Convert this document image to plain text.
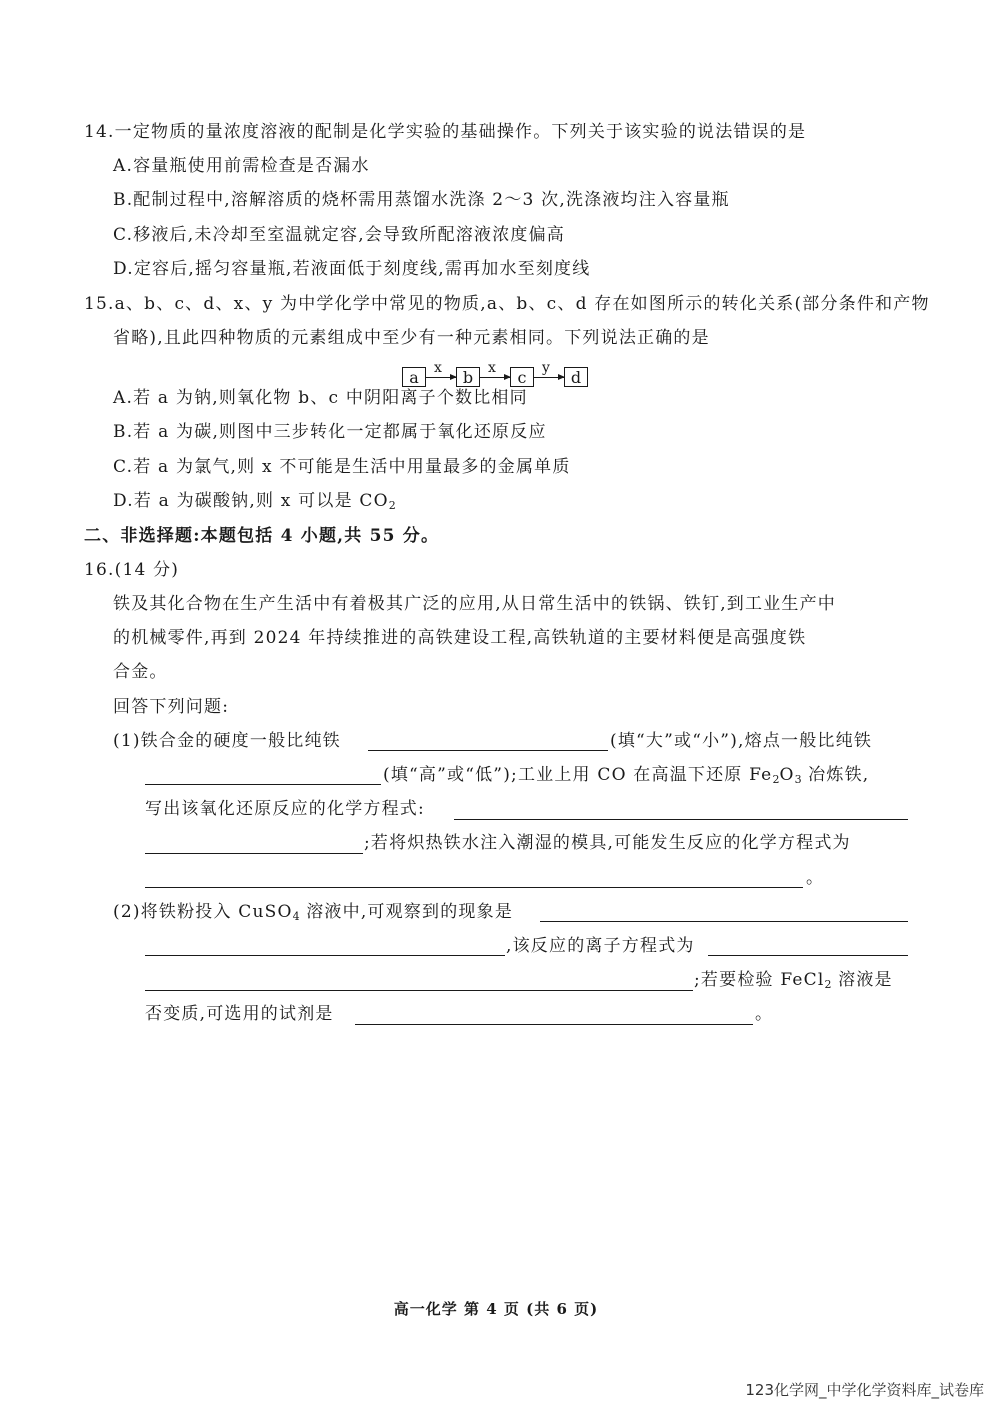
14.一定物质的量浓度溶液的配制是化学实验的基础操作。下列关于该实验的说法错误的是
A.容量瓶使用前需检查是否漏水
B.配制过程中,溶解溶质的烧杯需用蒸馏水洗涤 2～3 次,洗涤液均注入容量瓶
C.移液后,未冷却至室温就定容,会导致所配溶液浓度偏高
D.定容后,摇匀容量瓶,若液面低于刻度线,需再加水至刻度线
15.a、b、c、d、x、y 为中学化学中常见的物质,a、b、c、d 存在如图所示的转化关系(部分条件和产物
省略),且此四种物质的元素组成中至少有一种元素相同。下列说法正确的是
a	x	b	x	c	y	d
A.若 a 为钠,则氧化物 b、c 中阴阳离子个数比相同
B.若 a 为碳,则图中三步转化一定都属于氧化还原反应
C.若 a 为氯气,则 x 不可能是生活中用量最多的金属单质
D.若 a 为碳酸钠,则 x 可以是 $CO_2$
二、非选择题:本题包括 4 小题,共 55 分。
16.(14 分)
铁及其化合物在生产生活中有着极其广泛的应用,从日常生活中的铁锅、铁钉,到工业生产中
的机械零件,再到 2024 年持续推进的高铁建设工程,高铁轨道的主要材料便是高强度铁
合金。
回答下列问题:
(1)铁合金的硬度一般比纯铁	(填“大”或“小”),熔点一般比纯铁
(填“高”或“低”);工业上用 CO 在高温下还原 $Fe_2O_3$ 冶炼铁,
写出该氧化还原反应的化学方程式:
;若将炽热铁水注入潮湿的模具,可能发生反应的化学方程式为
。
(2)将铁粉投入 CuSO$_4$ 溶液中,可观察到的现象是
,该反应的离子方程式为
;若要检验 FeCl$_2$ 溶液是
否变质,可选用的试剂是	。
高一化学 第 4 页 (共 6 页)
123化学网_中学化学资料库_试卷库
